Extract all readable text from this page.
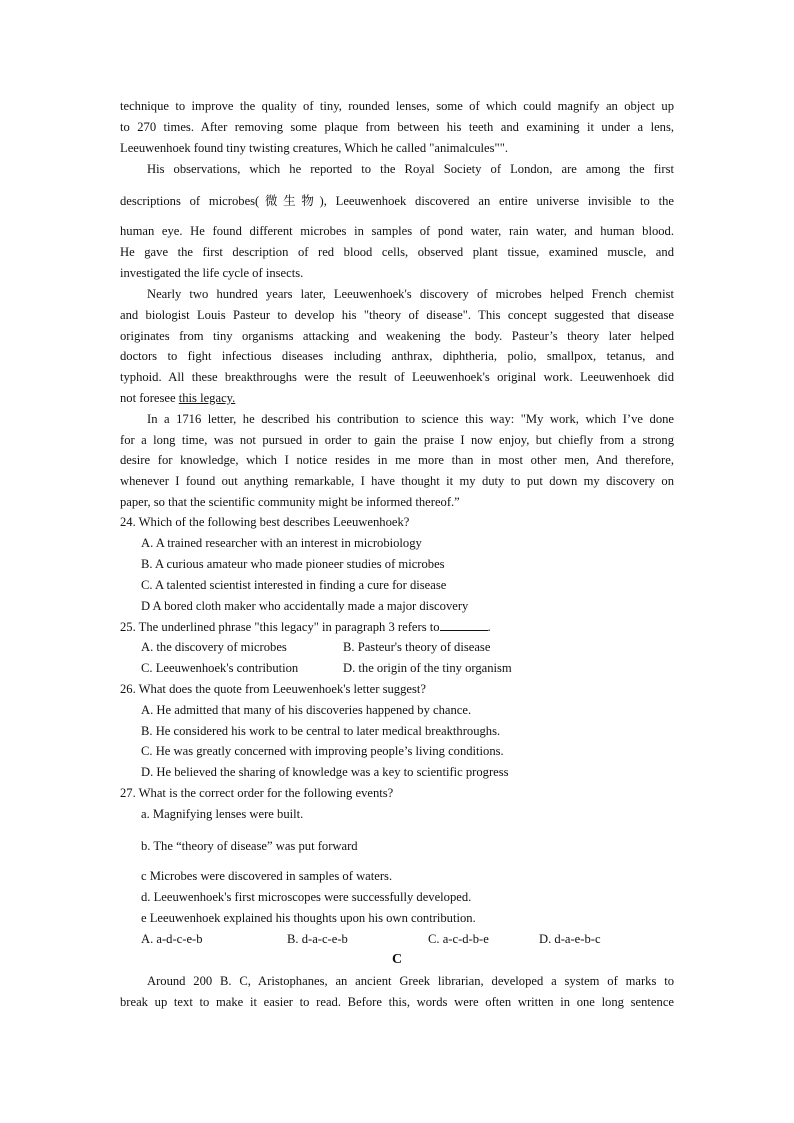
technique to improve the quality of tiny, rounded lenses, some of which could magnify an object up
to 270 times. After removing some plaque from between his teeth and examining it under a lens,
Leeuwenhoek found tiny twisting creatures, Which he called "animalcules"".
His observations, which he reported to the Royal Society of London, are among the first
descriptions of microbes(微生物), Leeuwenhoek discovered an entire universe invisible to the
human eye. He found different microbes in samples of pond water, rain water, and human blood.
He gave the first description of red blood cells, observed plant tissue, examined muscle, and
investigated the life cycle of insects.
Nearly two hundred years later, Leeuwenhoek's discovery of microbes helped French chemist
and biologist Louis Pasteur to develop his "theory of disease". This concept suggested that disease
originates from tiny organisms attacking and weakening the body. Pasteur’s theory later helped
doctors to fight infectious diseases including anthrax, diphtheria, polio, smallpox, tetanus, and
typhoid. All these breakthroughs were the result of Leeuwenhoek's original work. Leeuwenhoek did
not foresee this legacy.
In a 1716 letter, he described his contribution to science this way: "My work, which I’ve done
for a long time, was not pursued in order to gain the praise I now enjoy, but chiefly from a strong
desire for knowledge, which I notice resides in me more than in most other men, And therefore,
whenever I found out anything remarkable, I have thought it my duty to put down my discovery on
paper, so that the scientific community might be informed thereof.”
24. Which of the following best describes Leeuwenhoek?
A. A trained researcher with an interest in microbiology
B. A curious amateur who made pioneer studies of microbes
C. A talented scientist interested in finding a cure for disease
D A bored cloth maker who accidentally made a major discovery
25. The underlined phrase "this legacy" in paragraph 3 refers to	.
A. the discovery of microbes	B. Pasteur's theory of disease
C. Leeuwenhoek's contribution	D. the origin of the tiny organism
26. What does the quote from Leeuwenhoek's letter suggest?
A. He admitted that many of his discoveries happened by chance.
B. He considered his work to be central to later medical breakthroughs.
C. He was greatly concerned with improving people’s living conditions.
D. He believed the sharing of knowledge was a key to scientific progress
27. What is the correct order for the following events?
a. Magnifying lenses were built.
b. The “theory of disease” was put forward
c Microbes were discovered in samples of waters.
d. Leeuwenhoek's first microscopes were successfully developed.
e Leeuwenhoek explained his thoughts upon his own contribution.
A. a-d-c-e-b	B. d-a-c-e-b	C. a-c-d-b-e	D. d-a-e-b-c
C
Around 200 B. C, Aristophanes, an ancient Greek librarian, developed a system of marks to
break up text to make it easier to read. Before this, words were often written in one long sentence
